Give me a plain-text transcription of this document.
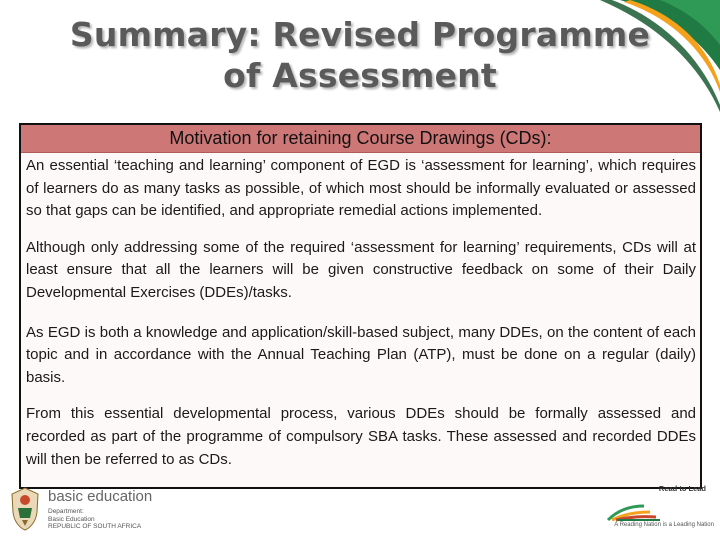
Summary: Revised Programme
of Assessment
Motivation for retaining Course Drawings (CDs):

An essential ‘teaching and learning’ component of EGD is ‘assessment for learning’, which requires of learners do as many tasks as possible, of which most should be informally evaluated or assessed so that gaps can be identified, and appropriate remedial actions implemented.

Although only addressing some of the required ‘assessment for learning’ requirements, CDs will at least ensure that all the learners will be given constructive feedback on some of their Daily Developmental Exercises (DDEs)/tasks.

As EGD is both a knowledge and application/skill-based subject, many DDEs, on the content of each topic and in accordance with the Annual Teaching Plan (ATP), must be done on a regular (daily) basis.

From this essential developmental process, various DDEs should be formally assessed and recorded as part of the programme of compulsory SBA tasks. These assessed and recorded DDEs will then be referred to as CDs.

basic education
Department:
Basic Education
REPUBLIC OF SOUTH AFRICA
Read to Lead
A Reading Nation is a Leading Nation
